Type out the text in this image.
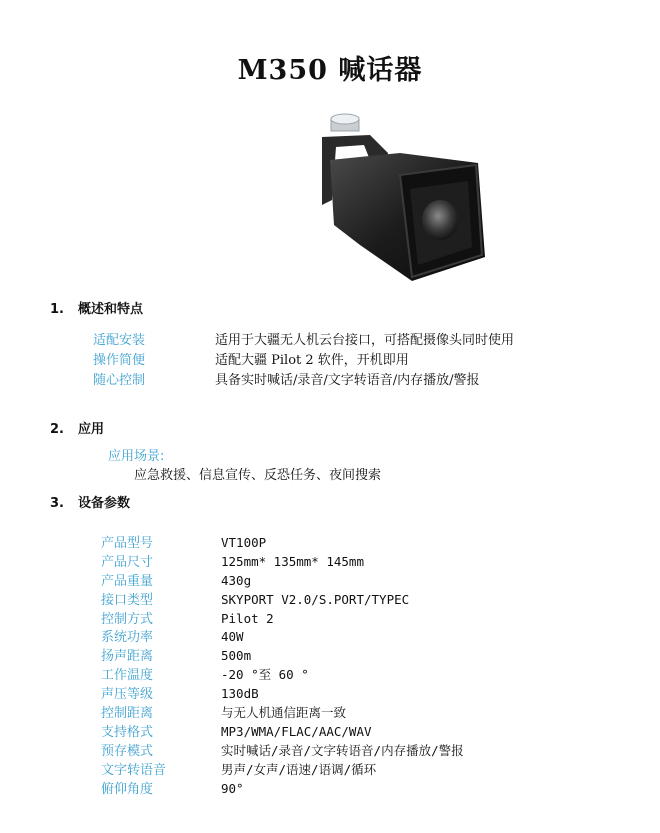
M350 喊话器
1. 概述和特点
适配安装	适用于大疆无人机云台接口，可搭配摄像头同时使用
操作简便	适配大疆 Pilot 2 软件，开机即用
随心控制	具备实时喊话/录音/文字转语音/内存播放/警报
2. 应用
应用场景:
应急救援、信息宣传、反恐任务、夜间搜索
3. 设备参数
产品型号	VT100P
产品尺寸	125mm* 135mm* 145mm
产品重量	430g
接口类型	SKYPORT V2.0/S.PORT/TYPEC
控制方式	Pilot 2
系统功率	40W
扬声距离	500m
工作温度	-20 °至 60 °
声压等级	130dB
控制距离	与无人机通信距离一致
支持格式	MP3/WMA/FLAC/AAC/WAV
预存模式	实时喊话/录音/文字转语音/内存播放/警报
文字转语音	男声/女声/语速/语调/循环
俯仰角度	90°
